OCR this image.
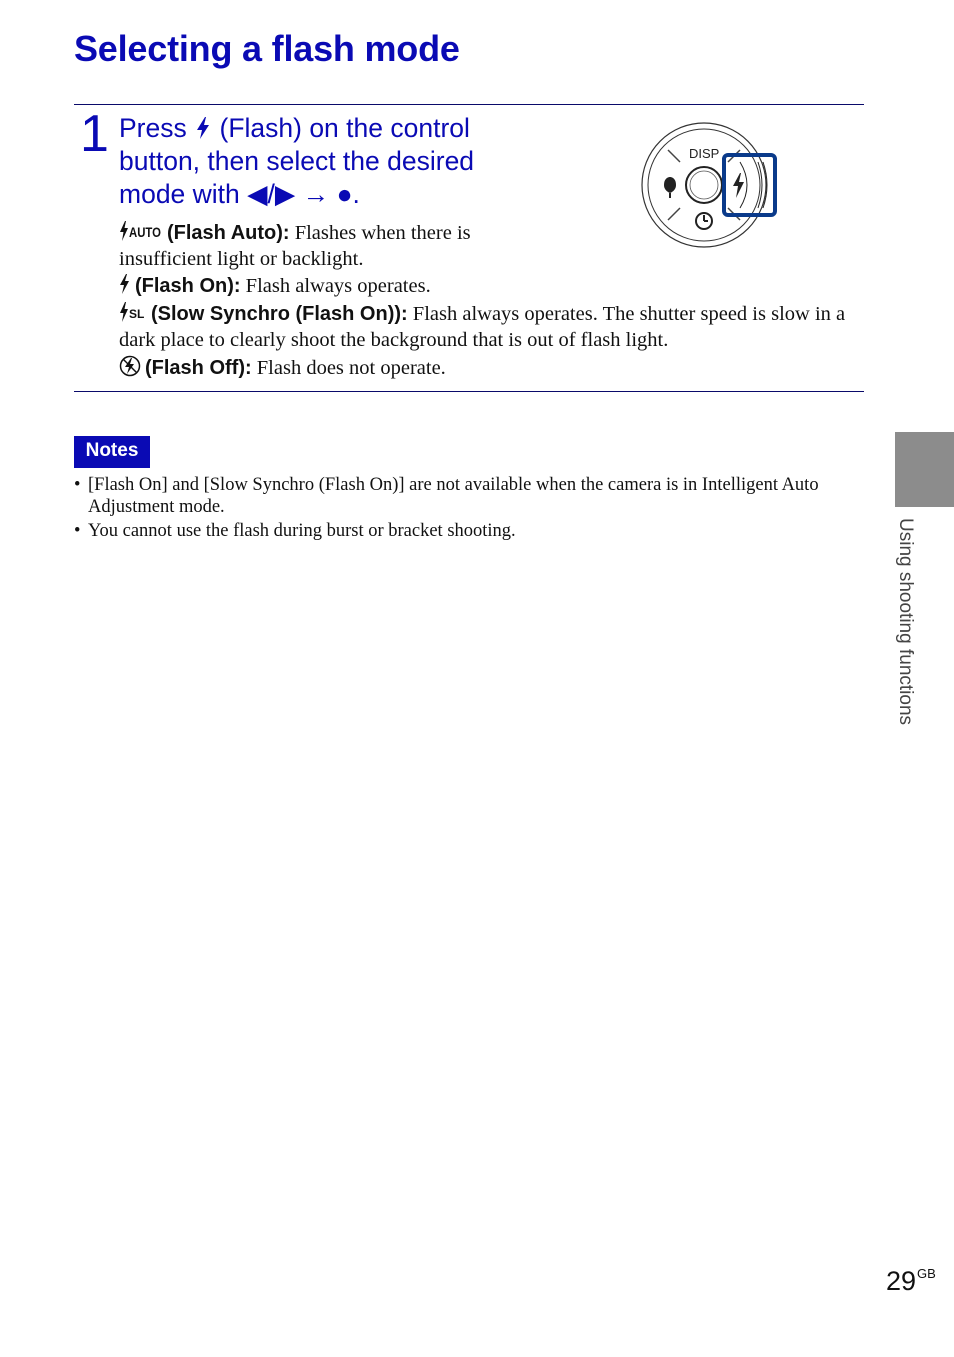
Selecting a flash mode
1 Press (Flash) on the control button, then select the desired mode with ◀/▶ → ●.
DISP

AUTO (Flash Auto): Flashes when there is insufficient light or backlight.

(Flash On): Flash always operates.

SL (Slow Synchro (Flash On)): Flash always operates. The shutter speed is slow in a dark place to clearly shoot the background that is out of flash light.

(Flash Off): Flash does not operate.

Notes
• [Flash On] and [Slow Synchro (Flash On)] are not available when the camera is in Intelligent Auto Adjustment mode.
• You cannot use the flash during burst or bracket shooting.	Using shooting functions
$29^{GB}$
